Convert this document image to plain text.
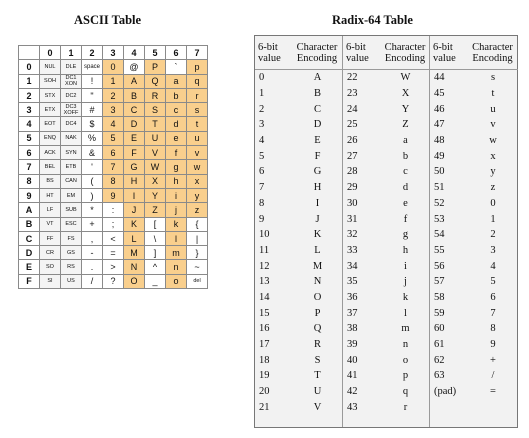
ASCII Table	Radix-64 Table
	0	1	2	3	4	5	6	7
0	NUL	DLE	space	0	@	P	`	p
1	SOH	DC1 XON	!	1	A	Q	a	q
2	STX	DC2	"	2	B	R	b	r
3	ETX	DC3 XOFF	#	3	C	S	c	s
4	EOT	DC4	$	4	D	T	d	t
5	ENQ	NAK	%	5	E	U	e	u
6	ACK	SYN	&	6	F	V	f	v
7	BEL	ETB	'	7	G	W	g	w
8	BS	CAN	(	8	H	X	h	x
9	HT	EM	)	9	I	Y	i	y
A	LF	SUB	*	:	J	Z	j	z
B	VT	ESC	+	;	K	[	k	{
C	FF	FS	,	<	L	\	l	|
D	CR	GS	-	=	M	]	m	}
E	SO	RS	.	>	N	^	n	~
F	SI	US	/	?	O	_	o	del
6-bit value
Character Encoding
0	A
1	B
2	C
3	D
4	E
5	F
6	G
7	H
8	I
9	J
10	K
11	L
12	M
13	N
14	O
15	P
16	Q
17	R
18	S
19	T
20	U
21	V
6-bit value
Character Encoding
22	W
23	X
24	Y
25	Z
26	a
27	b
28	c
29	d
30	e
31	f
32	g
33	h
34	i
35	j
36	k
37	l
38	m
39	n
40	o
41	p
42	q
43	r
6-bit value
Character Encoding
44	s
45	t
46	u
47	v
48	w
49	x
50	y
51	z
52	0
53	1
54	2
55	3
56	4
57	5
58	6
59	7
60	8
61	9
62	+
63	/
(pad)	=
